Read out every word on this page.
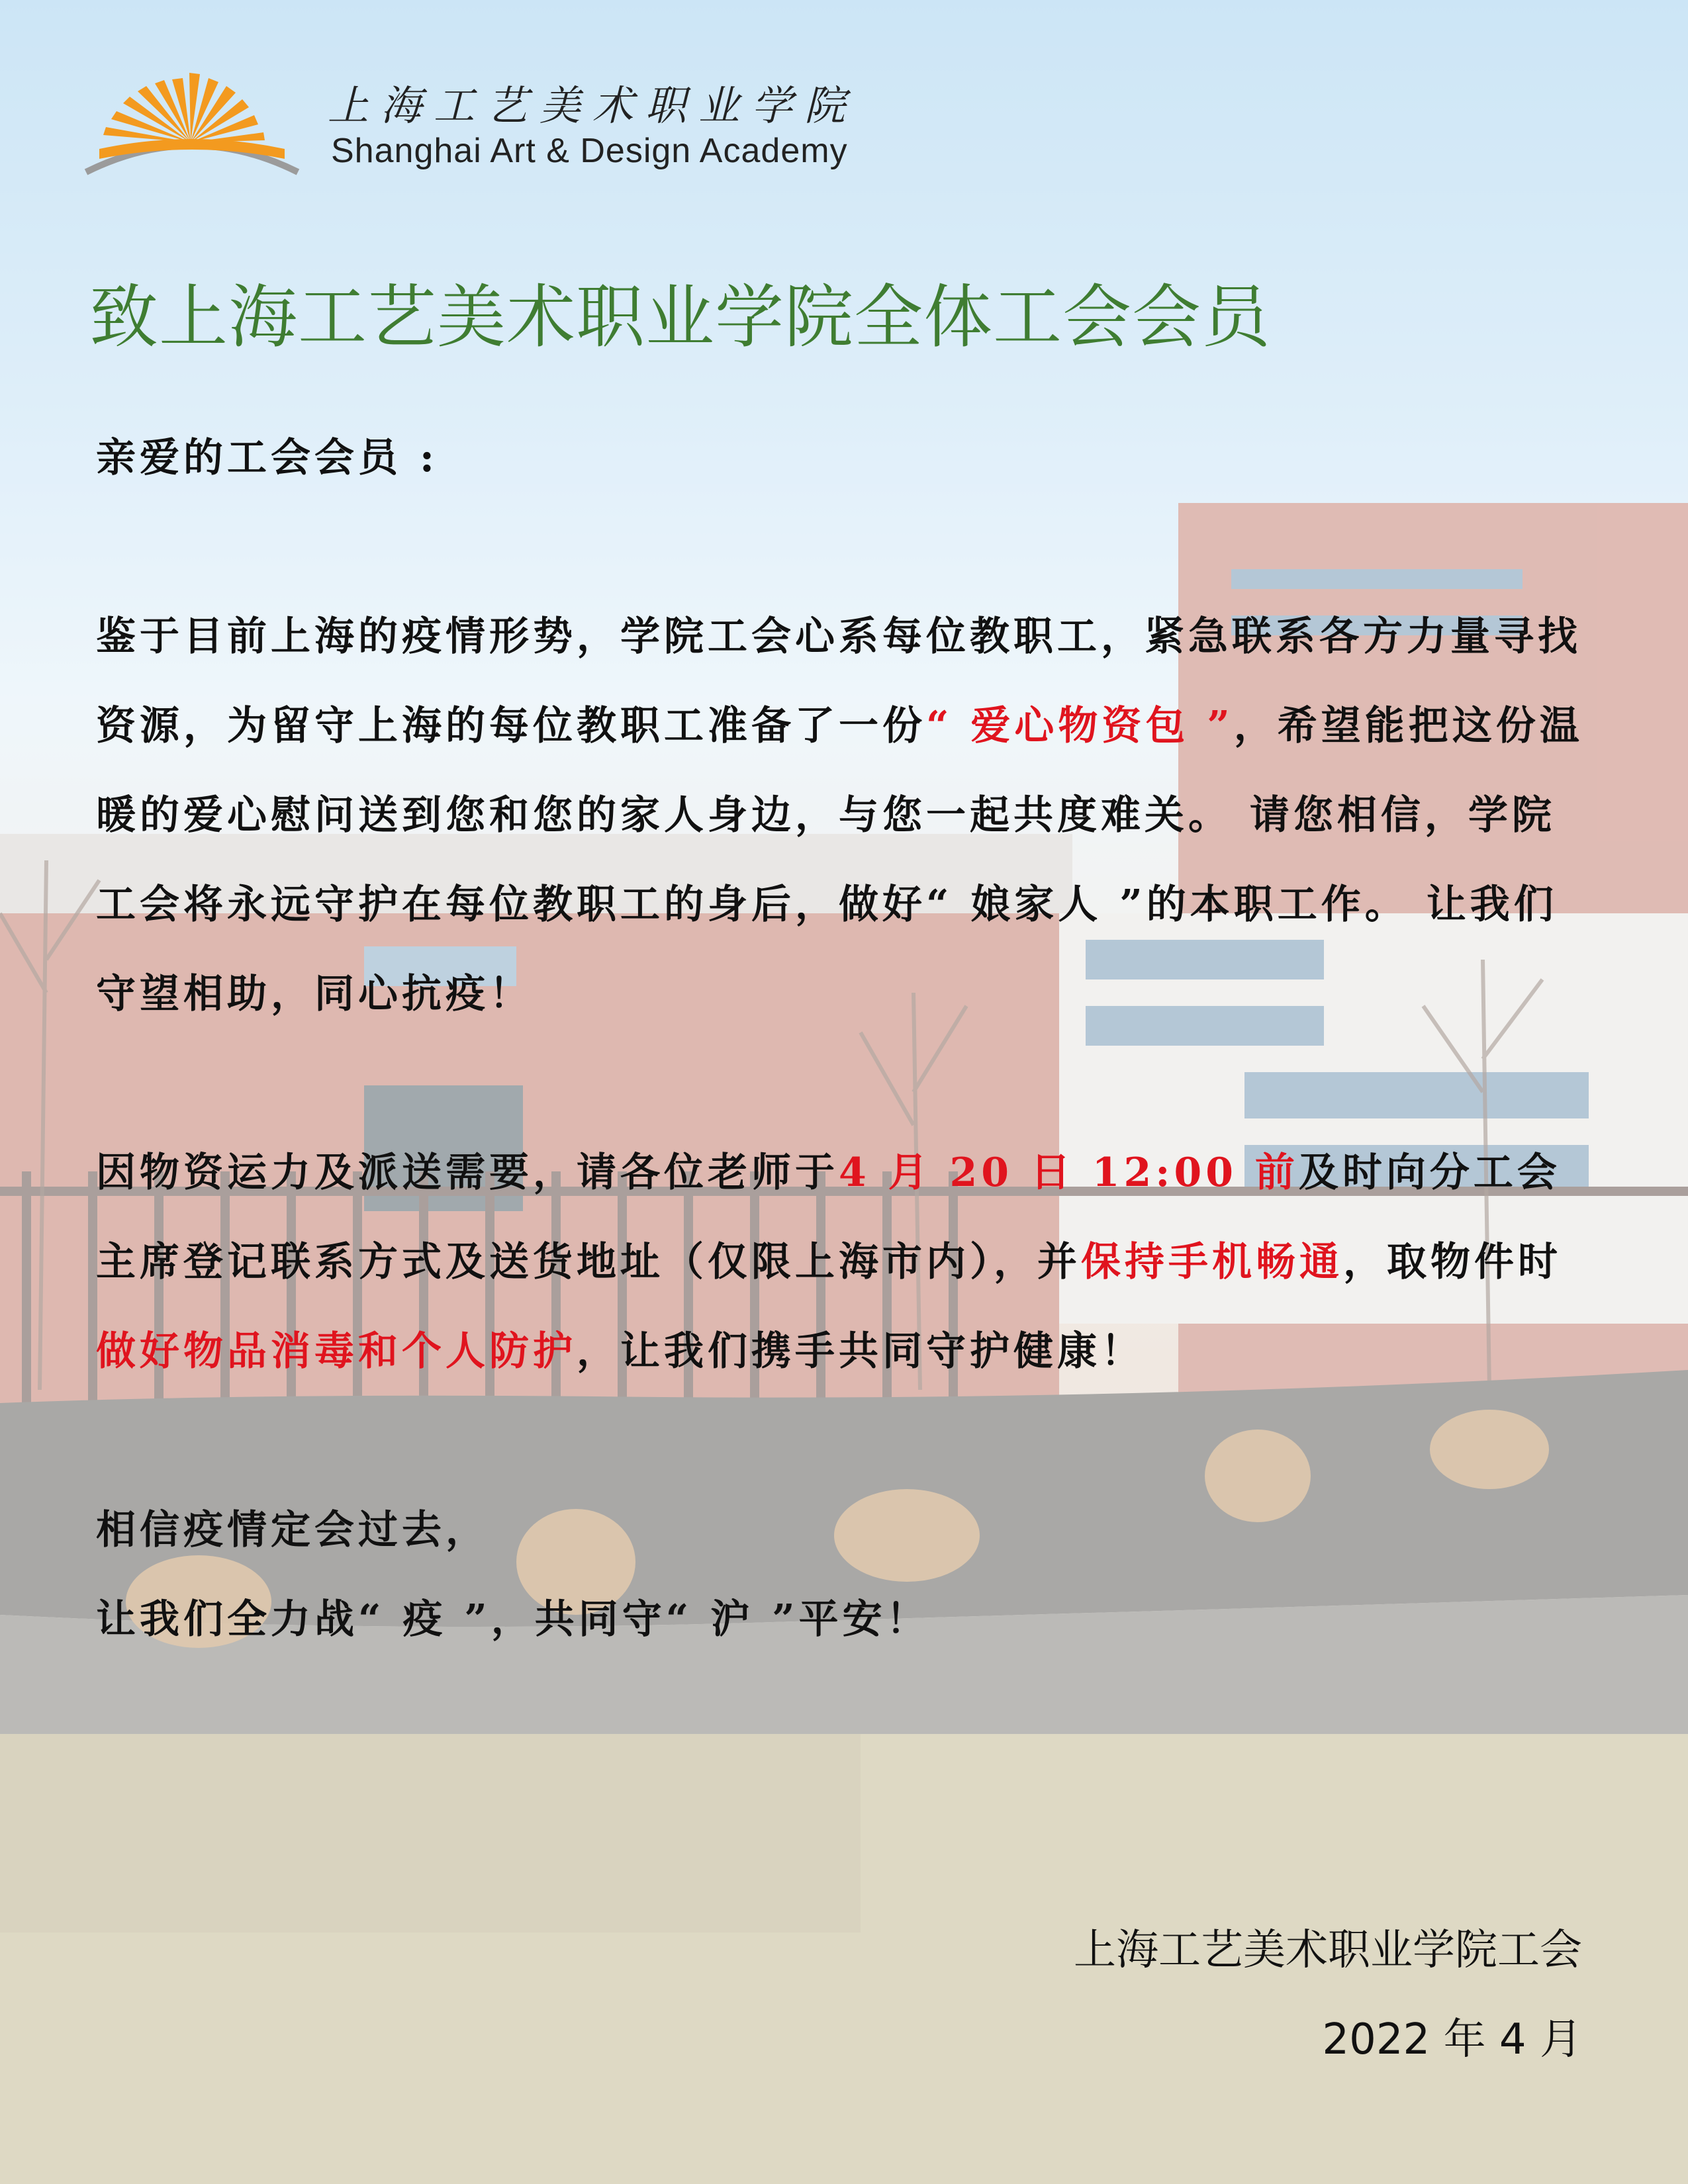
上海工艺美术职业学院
Shanghai Art & Design Academy
致上海工艺美术职业学院全体工会会员

亲爱的工会会员 :

鉴于目前上海的疫情形势，学院工会心系每位教职工，紧急联系各方力量寻找资源，为留守上海的每位教职工准备了一份“ 爱心物资包 ”，希望能把这份温暖的爱心慰问送到您和您的家人身边，与您一起共度难关。 请您相信，学院工会将永远守护在每位教职工的身后，做好“ 娘家人 ”的本职工作。 让我们守望相助，同心抗疫！

因物资运力及派送需要，请各位老师于4 月 20 日 12:00 前及时向分工会主席登记联系方式及送货地址（仅限上海市内），并保持手机畅通，取物件时做好物品消毒和个人防护，让我们携手共同守护健康！

相信疫情定会过去，

让我们全力战“ 疫 ”，共同守“ 沪 ”平安！

上海工艺美术职业学院工会
2022 年 4 月
